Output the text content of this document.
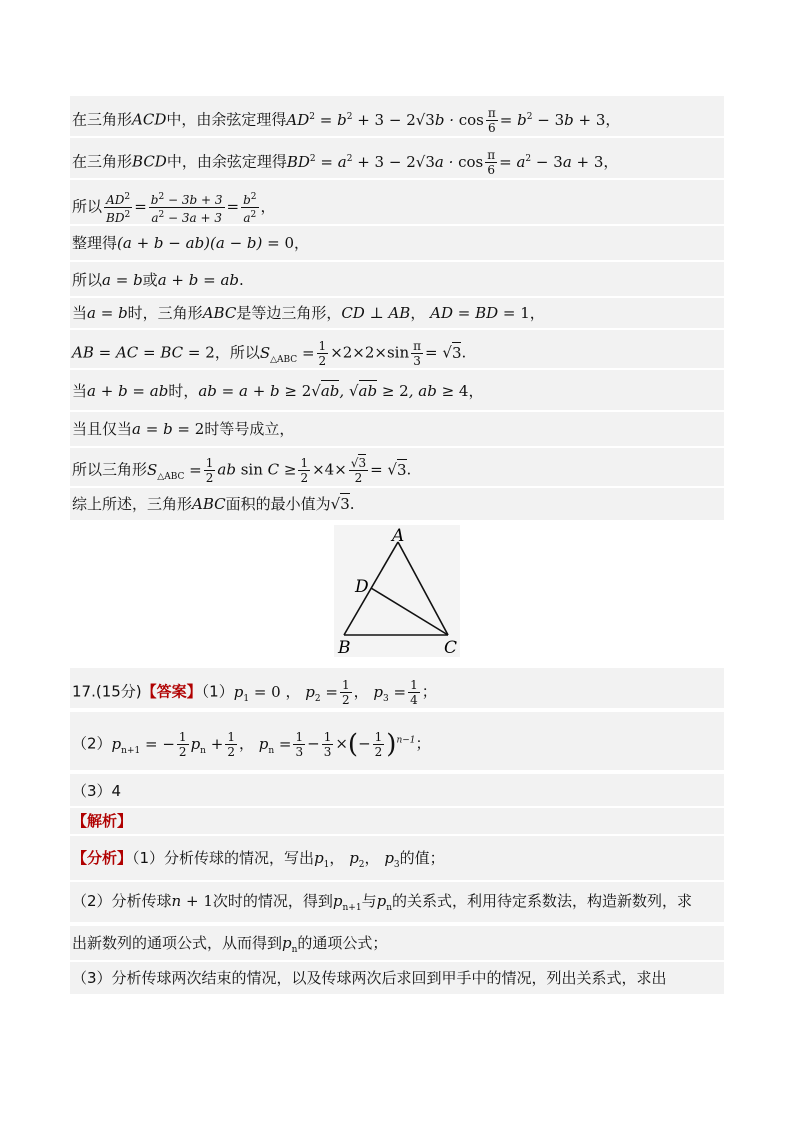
在三角形ACD中，由余弦定理得$AD^2 = b^2 + 3 - 2√3b \cdot \cos \frac{\pi}{6} = b^2 - 3b + 3$，
在三角形BCD中，由余弦定理得$BD^2 = a^2 + 3 - 2√3a \cdot \cos \frac{\pi}{6} = a^2 - 3a + 3$，
所以 $\frac{AD^2}{BD^2} = \frac{b^2 - 3b + 3}{a^2 - 3a + 3} = \frac{b^2}{a^2}$ ，
整理得(a + b − ab)(a − b) = 0，
所以a = b或a + b = ab.
当a = b时，三角形ABC是等边三角形，CD ⊥ AB， AD = BD = 1，
AB = AC = BC = 2，所以$S_{\triangle ABC} = \frac{1}{2} \times 2\times 2\times\sin \frac{\pi}{3} = √3$.
当a + b = ab时，ab = a + b ≥ 2√ab, √ab ≥ 2, ab ≥ 4，
当且仅当a = b = 2时等号成立，
所以三角形$S_{\triangle ABC} = \frac{1}{2}$ ab $\sin C \ge \frac{1}{2} \times 4\times \frac{√3}{2} = √3$.
综上所述，三角形ABC面积的最小值为√3.
A
B	C
D
17.(15分)【答案】$(1)p_1 = 0$ ， $p_2 = \frac{1}{2}$ ， $p_3 = \frac{1}{4}$ ；
$(2)p_{n+1}$ = − $\frac{1}{2} p_n + \frac{1}{2}$ ， $p_n = \frac{1}{3} - \frac{1}{3}$ ×(− $\frac{1}{2} )^{n-1}$；
（3）4
【解析】
【分析】（1）分析传球的情况，写出$p_1$， $p_2$， $p_3$的值；
（2）分析传球n + 1次时的情况，得到$p_{n+1}$与$p_n$的关系式，利用待定系数法，构造新数列，求
出新数列的通项公式，从而得到$p_n$的通项公式；
（3）分析传球两次结束的情况，以及传球两次后求回到甲手中的情况，列出关系式，求出
